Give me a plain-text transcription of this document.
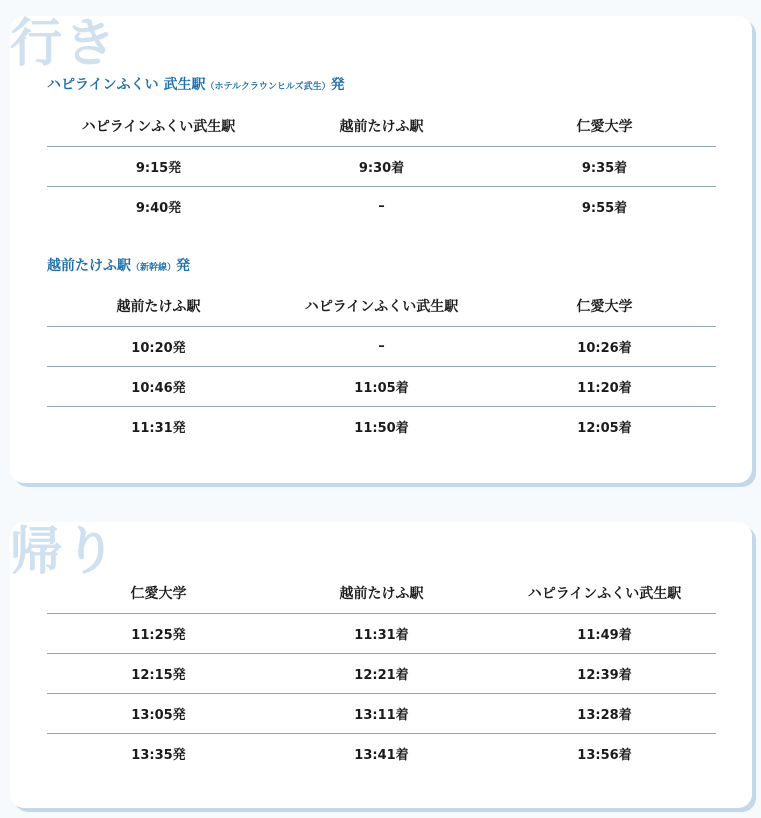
行き
ハピラインふくい 武生駅（ホテルクラウンヒルズ武生）発
ハピラインふくい武生駅	越前たけふ駅	仁愛大学
9:15発	9:30着	9:35着
9:40発	–	9:55着
越前たけふ駅（新幹線）発
越前たけふ駅	ハピラインふくい武生駅	仁愛大学
10:20発	–	10:26着
10:46発	11:05着	11:20着
11:31発	11:50着	12:05着
帰り
仁愛大学	越前たけふ駅	ハピラインふくい武生駅
11:25発	11:31着	11:49着
12:15発	12:21着	12:39着
13:05発	13:11着	13:28着
13:35発	13:41着	13:56着
